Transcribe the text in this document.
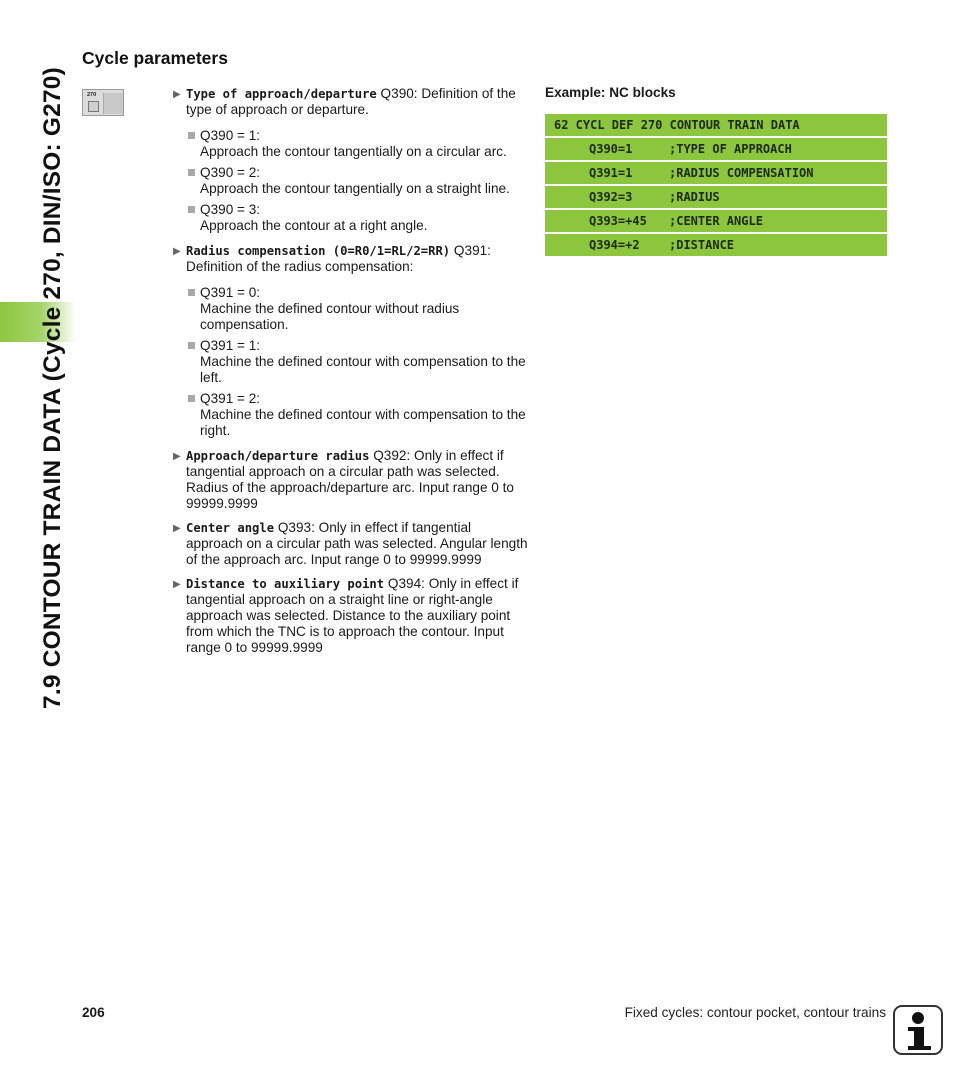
7.9 CONTOUR TRAIN DATA (Cycle 270, DIN/ISO: G270)
Cycle parameters
270	▶ Type of approach/departure Q390: Definition of the type of approach or departure.
Q390 = 1:
Approach the contour tangentially on a circular arc.
Q390 = 2:
Approach the contour tangentially on a straight line.
Q390 = 3:
Approach the contour at a right angle.
▶ Radius compensation (0=R0/1=RL/2=RR) Q391: Definition of the radius compensation:
Q391 = 0:
Machine the defined contour without radius compensation.
Q391 = 1:
Machine the defined contour with compensation to the left.
Q391 = 2:
Machine the defined contour with compensation to the right.
▶ Approach/departure radius Q392: Only in effect if tangential approach on a circular path was selected. Radius of the approach/departure arc. Input range 0 to 99999.9999
▶ Center angle Q393: Only in effect if tangential approach on a circular path was selected. Angular length of the approach arc. Input range 0 to 99999.9999
▶ Distance to auxiliary point Q394: Only in effect if tangential approach on a straight line or right-angle approach was selected. Distance to the auxiliary point from which the TNC is to approach the contour. Input range 0 to 99999.9999
Example: NC blocks
62 CYCL DEF 270 CONTOUR TRAIN DATA
Q390=1	;TYPE OF APPROACH
Q391=1	;RADIUS COMPENSATION
Q392=3	;RADIUS
Q393=+45 ;CENTER ANGLE
Q394=+2 ;DISTANCE
206	Fixed cycles: contour pocket, contour trains
